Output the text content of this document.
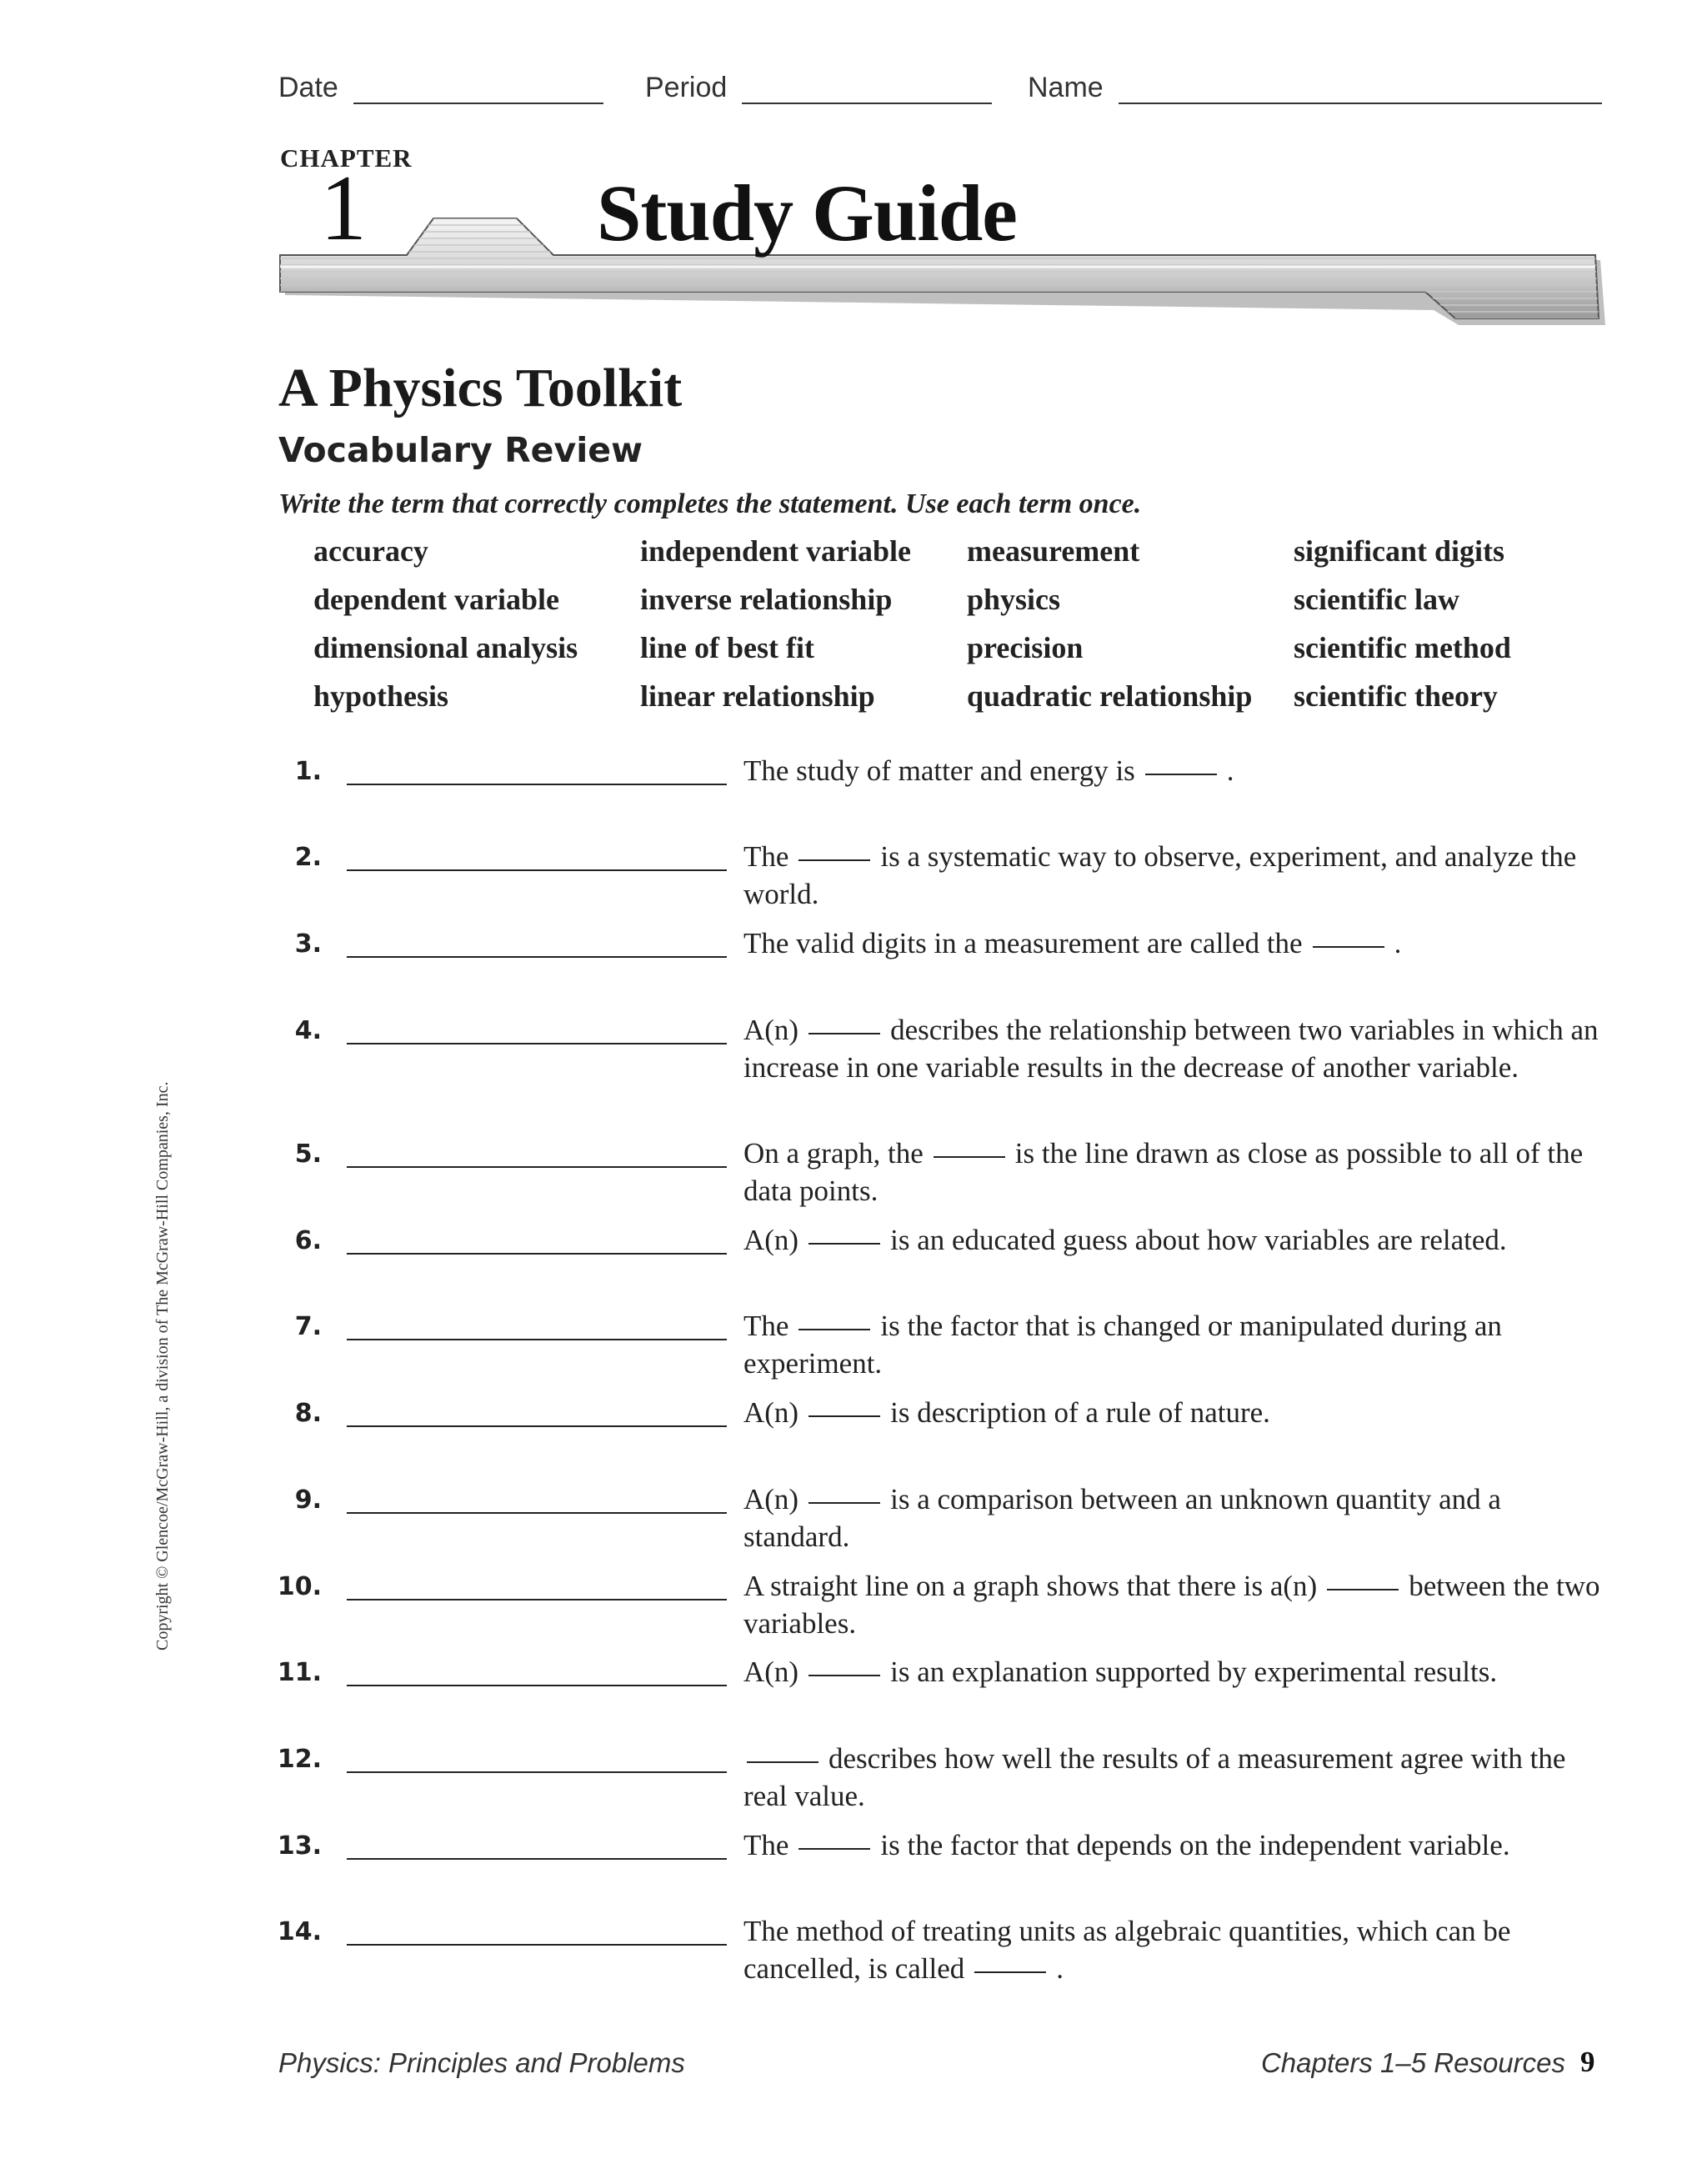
Date	Period	Name
CHAPTER
1	Study Guide
A Physics Toolkit
Vocabulary Review
Write the term that correctly completes the statement. Use each term once.
accuracy	independent variable	measurement	significant digits
dependent variable	inverse relationship	physics	scientific law
dimensional analysis	line of best fit	precision	scientific method
hypothesis	linear relationship	quadratic relationship	scientific theory
1.	The study of matter and energy is	.
2.	The	is a systematic way to observe, experiment, and analyze the world.
3.	The valid digits in a measurement are called the	.
4.	A(n)	describes the relationship between two variables in which an increase in one variable results in the decrease of another variable.
5.	On a graph, the	is the line drawn as close as possible to all of the data points.
6.	A(n)	is an educated guess about how variables are related.
7.	The	is the factor that is changed or manipulated during an experiment.
8.	A(n)	is description of a rule of nature.
9.	A(n)	is a comparison between an unknown quantity and a standard.
10.	A straight line on a graph shows that there is a(n)	between the two variables.
11.	A(n)	is an explanation supported by experimental results.
12.	describes how well the results of a measurement agree with the real value.
13.	The	is the factor that depends on the independent variable.
14.	The method of treating units as algebraic quantities, which can be cancelled, is called	.
Copyright © Glencoe/McGraw-Hill, a division of The McGraw-Hill Companies, Inc.
Physics: Principles and Problems	Chapters 1–5 Resources 9
